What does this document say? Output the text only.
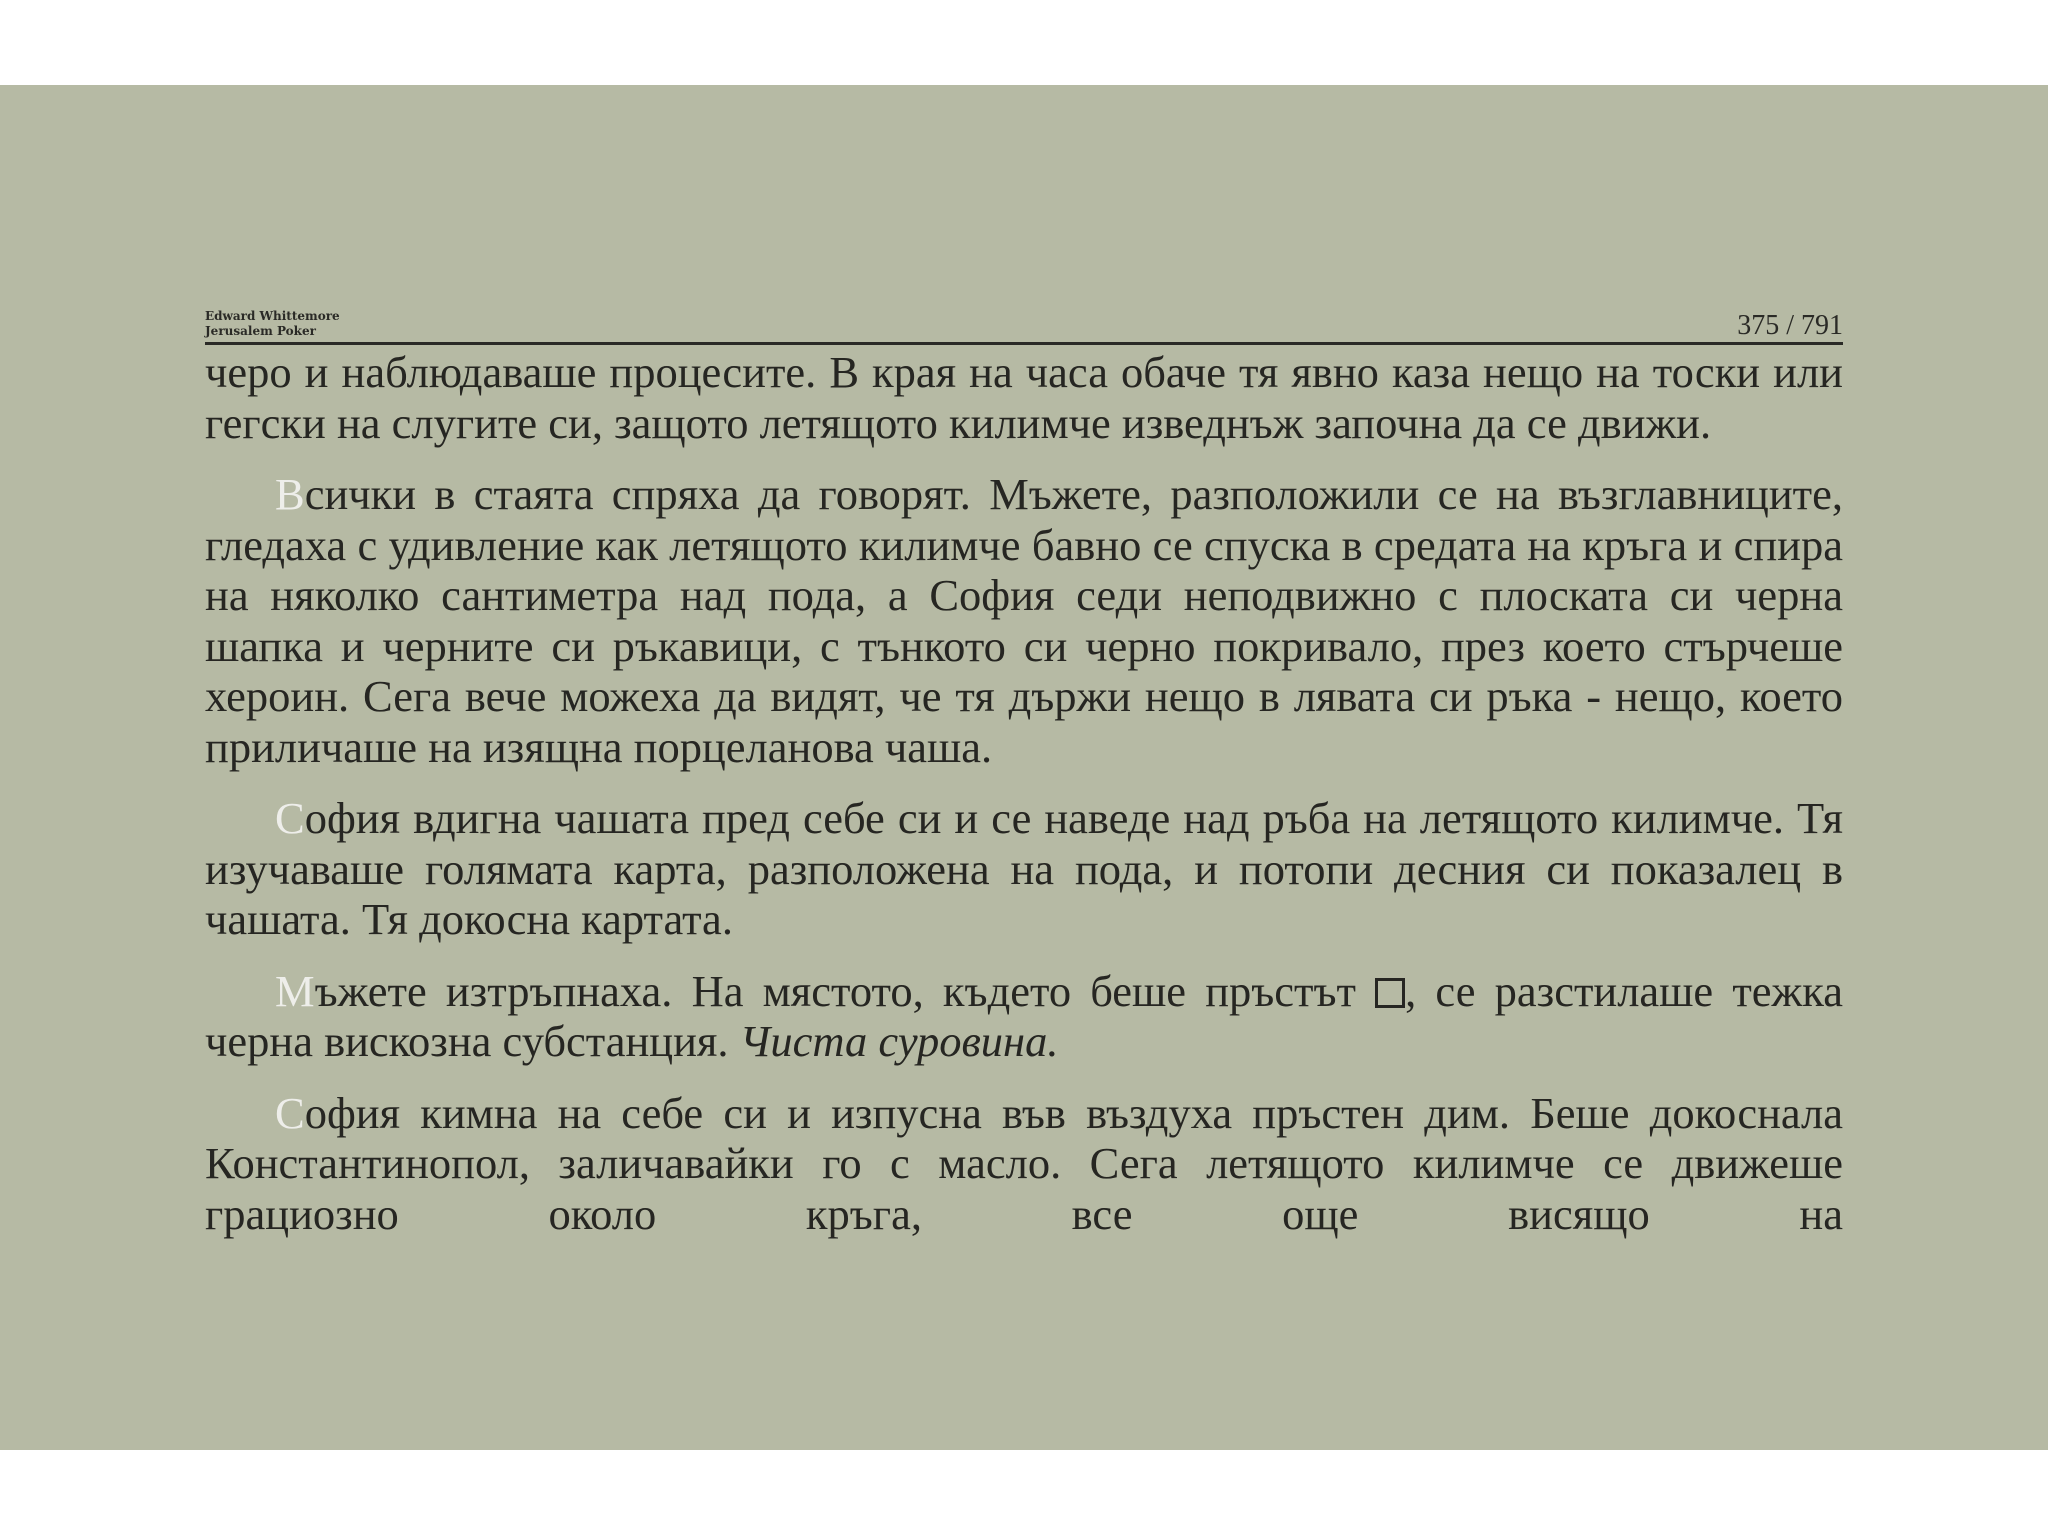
Edward Whittemore
Jerusalem Poker	375 / 791

черо и наблюдаваше процесите. В края на часа обаче тя явно каза нещо на тоски или гегски на слугите си, защото летящото килимче изведнъж започна да се движи.

Всички в стаята спряха да говорят. Мъжете, разположили се на възглавниците, гледаха с удивление как летящото килимче бавно се спуска в средата на кръга и спира на няколко сантиметра над пода, а София седи неподвижно с плоската си черна шапка и черните си ръкавици, с тънкото си черно покривало, през което стърчеше хероин. Сега вече можеха да видят, че тя държи нещо в лявата си ръка - нещо, което приличаше на изящна порцеланова чаша.

София вдигна чашата пред себе си и се наведе над ръба на летящото килимче. Тя изучаваше голямата карта, разположена на пода, и потопи десния си показалец в чашата. Тя докосна картата.

Мъжете изтръпнаха. На мястото, където беше пръстът , се разстилаше тежка черна вискозна субстанция. Чиста суровина.

София кимна на себе си и изпусна във въздуха пръстен дим. Беше докоснала Константинопол, заличавайки го с масло. Сега летящото килимче се движеше грациозно около кръга, все още висящо на
